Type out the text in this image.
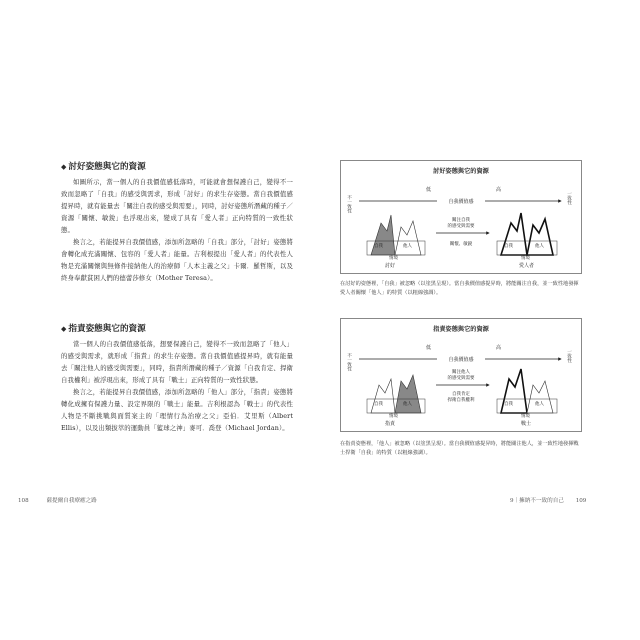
◆ 討好姿態與它的資源

如圖所示，當一個人的自我價值感低落時，可能就會想保護自己，變得不一致而忽略了「自我」的感受與需求，形成「討好」的求生存姿態。當自我價值感提昇時，就有能量去「關注自我的感受與需要」，同時，討好姿態所潛藏的種子／資源「關懷、敏銳」也浮現出來，變成了具有「愛人者」正向特質的一致性狀態。

換言之，若能提昇自我價值感，添加所忽略的「自我」部分，「討好」姿態將會轉化成充滿關懷、包容的「愛人者」能量。吉利根提出「愛人者」的代表性人物是充滿關懷與無條件接納他人的治療師「人本主義之父」卡爾．羅哲斯，以及終身奉獻貧困人們的德蕾莎修女（Mother Teresa）。

◆ 指責姿態與它的資源

當一個人的自我價值感低落，想要保護自己，變得不一致而忽略了「他人」的感受與需求，就形成「指責」的求生存姿態。當自我價值感提昇時，就有能量去「關注他人的感受與需要」，同時，指責所潛藏的種子／資源「自我肯定、捍衛自我權利」被浮現出來，形成了具有「戰士」正向特質的一致性狀態。

換言之，若能提昇自我價值感，添加所忽略的「他人」部分，「指責」姿態將轉化成擁有保護力量、設定界限的「戰士」能量。吉利根認為「戰士」的代表性人物是不斷挑戰與面質案主的「理情行為治療之父」亞伯．艾里斯（Albert Ellis），以及出類拔萃的運動員「籃球之神」麥可．喬登（Michael Jordan）。

108	薩提爾自我療癒之路	9｜擁納不一致的自己 109
討好姿態與它的資源
不一致性	一致性
低	高
自我價值感
自我	他人
情境
討好
關注自我
的感受與需要
關懷、敏銳	自我	他人
情境
愛人者

在討好的姿態裡，「自我」被忽略（以塗黑呈現）。當自我價值感提昇時，將能關注自我，並一致性地發揮愛人者關懷「他人」的特質（以粗線強調）。

指責姿態與它的資源
不一致性	一致性
低	高
自我價值感
自我	他人
情境
指責
關注他人
的感受與需要
自我肯定
捍衛自我權利
自我	他人
情境
戰士

在指責姿態裡，「他人」被忽略（以塗黑呈現）。當自我價值感提昇時，將能關注他人，並一致性地發揮戰士捍衛「自我」的特質（以粗線強調）。
